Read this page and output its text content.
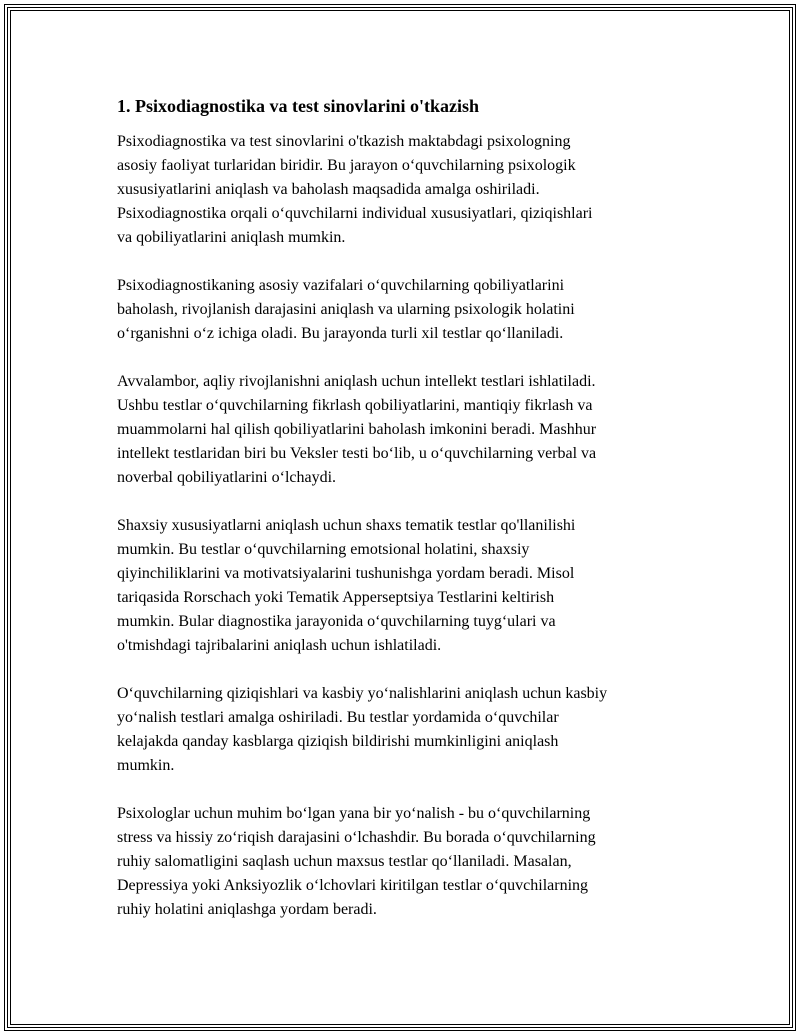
1. Psixodiagnostika va test sinovlarini o'tkazish
Psixodiagnostika va test sinovlarini o'tkazish maktabdagi psixologning
asosiy faoliyat turlaridan biridir. Bu jarayon o‘quvchilarning psixologik
xususiyatlarini aniqlash va baholash maqsadida amalga oshiriladi.
Psixodiagnostika orqali o‘quvchilarni individual xususiyatlari, qiziqishlari
va qobiliyatlarini aniqlash mumkin.
Psixodiagnostikaning asosiy vazifalari o‘quvchilarning qobiliyatlarini
baholash, rivojlanish darajasini aniqlash va ularning psixologik holatini
o‘rganishni o‘z ichiga oladi. Bu jarayonda turli xil testlar qo‘llaniladi.
Avvalambor, aqliy rivojlanishni aniqlash uchun intellekt testlari ishlatiladi.
Ushbu testlar o‘quvchilarning fikrlash qobiliyatlarini, mantiqiy fikrlash va
muammolarni hal qilish qobiliyatlarini baholash imkonini beradi. Mashhur
intellekt testlaridan biri bu Veksler testi bo‘lib, u o‘quvchilarning verbal va
noverbal qobiliyatlarini o‘lchaydi.
Shaxsiy xususiyatlarni aniqlash uchun shaxs tematik testlar qo'llanilishi
mumkin. Bu testlar o‘quvchilarning emotsional holatini, shaxsiy
qiyinchiliklarini va motivatsiyalarini tushunishga yordam beradi. Misol
tariqasida Rorschach yoki Tematik Apperseptsiya Testlarini keltirish
mumkin. Bular diagnostika jarayonida o‘quvchilarning tuyg‘ulari va
o'tmishdagi tajribalarini aniqlash uchun ishlatiladi.
O‘quvchilarning qiziqishlari va kasbiy yo‘nalishlarini aniqlash uchun kasbiy
yo‘nalish testlari amalga oshiriladi. Bu testlar yordamida o‘quvchilar
kelajakda qanday kasblarga qiziqish bildirishi mumkinligini aniqlash
mumkin.
Psixologlar uchun muhim bo‘lgan yana bir yo‘nalish - bu o‘quvchilarning
stress va hissiy zo‘riqish darajasini o‘lchashdir. Bu borada o‘quvchilarning
ruhiy salomatligini saqlash uchun maxsus testlar qo‘llaniladi. Masalan,
Depressiya yoki Anksiyozlik o‘lchovlari kiritilgan testlar o‘quvchilarning
ruhiy holatini aniqlashga yordam beradi.
